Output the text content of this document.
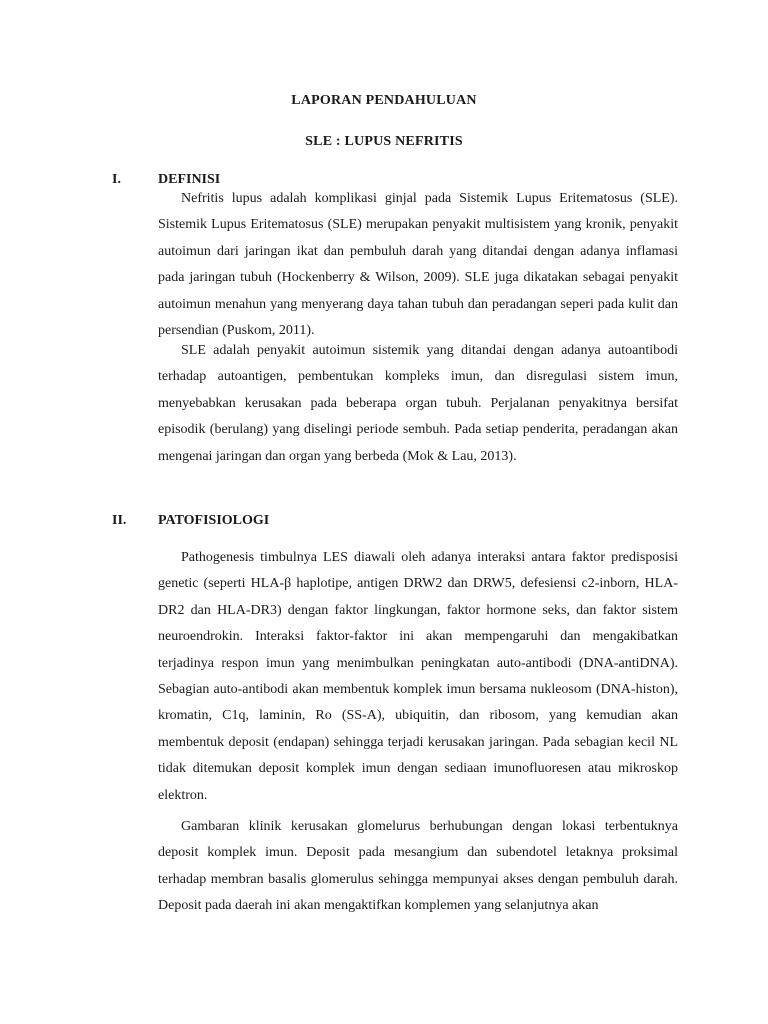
LAPORAN PENDAHULUAN
SLE : LUPUS NEFRITIS
I.	DEFINISI

Nefritis lupus adalah komplikasi ginjal pada Sistemik Lupus Eritematosus (SLE). Sistemik Lupus Eritematosus (SLE) merupakan penyakit multisistem yang kronik, penyakit autoimun dari jaringan ikat dan pembuluh darah yang ditandai dengan adanya inflamasi pada jaringan tubuh (Hockenberry & Wilson, 2009). SLE juga dikatakan sebagai penyakit autoimun menahun yang menyerang daya tahan tubuh dan peradangan seperi pada kulit dan persendian (Puskom, 2011).

SLE adalah penyakit autoimun sistemik yang ditandai dengan adanya autoantibodi terhadap autoantigen, pembentukan kompleks imun, dan disregulasi sistem imun, menyebabkan kerusakan pada beberapa organ tubuh. Perjalanan penyakitnya bersifat episodik (berulang) yang diselingi periode sembuh. Pada setiap penderita, peradangan akan mengenai jaringan dan organ yang berbeda (Mok & Lau, 2013).

II. PATOFISIOLOGI

Pathogenesis timbulnya LES diawali oleh adanya interaksi antara faktor predisposisi genetic (seperti HLA-β haplotipe, antigen DRW2 dan DRW5, defesiensi c2-inborn, HLA-DR2 dan HLA-DR3) dengan faktor lingkungan, faktor hormone seks, dan faktor sistem neuroendrokin. Interaksi faktor-faktor ini akan mempengaruhi dan mengakibatkan terjadinya respon imun yang menimbulkan peningkatan auto-antibodi (DNA-antiDNA). Sebagian auto-antibodi akan membentuk komplek imun bersama nukleosom (DNA-histon), kromatin, C1q, laminin, Ro (SS-A), ubiquitin, dan ribosom, yang kemudian akan membentuk deposit (endapan) sehingga terjadi kerusakan jaringan. Pada sebagian kecil NL tidak ditemukan deposit komplek imun dengan sediaan imunofluoresen atau mikroskop elektron.

Gambaran klinik kerusakan glomelurus berhubungan dengan lokasi terbentuknya deposit komplek imun. Deposit pada mesangium dan subendotel letaknya proksimal terhadap membran basalis glomerulus sehingga mempunyai akses dengan pembuluh darah. Deposit pada daerah ini akan mengaktifkan komplemen yang selanjutnya akan
